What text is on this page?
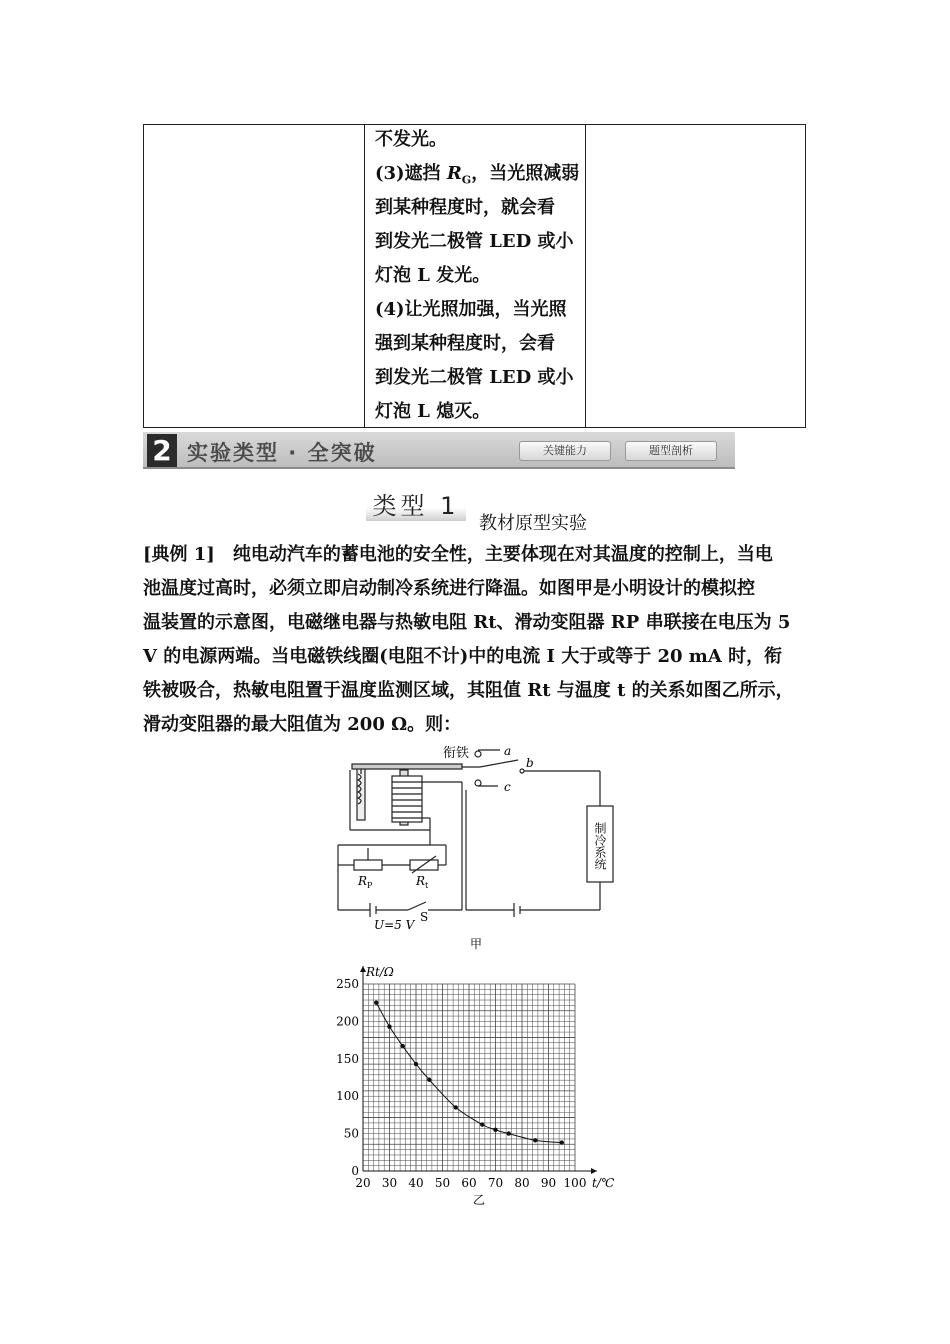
不发光。
(3)遮挡 $R_G$，当光照减弱
到某种程度时，就会看
到发光二极管 LED 或小
灯泡 L 发光。
(4)让光照加强，当光照
强到某种程度时，会看
到发光二极管 LED 或小
灯泡 L 熄灭。
2 实验类型 · 全突破	关键能力	题型剖析
类型 1
教材原型实验
[典例 1]　纯电动汽车的蓄电池的安全性，主要体现在对其温度的控制上，当电
池温度过高时，必须立即启动制冷系统进行降温。如图甲是小明设计的模拟控
温装置的示意图，电磁继电器与热敏电阻 Rt、滑动变阻器 RP 串联接在电压为 5
V 的电源两端。当电磁铁线圈(电阻不计)中的电流 I 大于或等于 20 mA 时，衔
铁被吸合，热敏电阻置于温度监测区域，其阻值 Rt 与温度 t 的关系如图乙所示，
滑动变阻器的最大阻值为 200 Ω。则：
衔铁	a
b
c
R P	R t
U=5 V
S
制冷系统
甲
20 30 40 50 60 70 80 90 100
0
50
100
150
200
250
Rt/Ω
t/℃
乙
